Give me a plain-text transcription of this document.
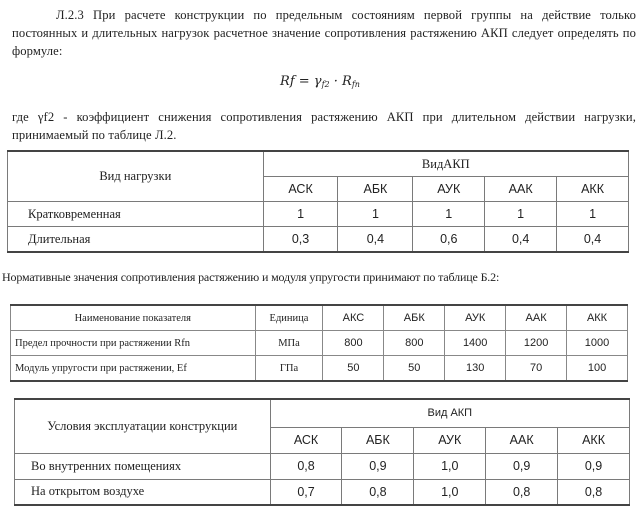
Л.2.3 При расчете конструкции по предельным состояниям первой группы на действие только постоянных и длительных нагрузок расчетное значение сопротивления растяжению АКП следует определять по формуле:
$Rf = \gamma_{f2} \cdot R_{fn}$
где γf2 - коэффициент снижения сопротивления растяжению АКП при длительном действии нагрузки, принимаемый по таблице Л.2.
Вид нагрузки	ВидАКП				
	АСК	АБК	АУК	ААК	АКК
Кратковременная	1	1	1	1	1
Длительная	0,3	0,4	0,6	0,4	0,4
Нормативные значения сопротивления растяжению и модуля упругости принимают по таблице Б.2:
Наименование показателя	Единица	АКС	АБК	АУК	ААК	АКК
Предел прочности при растяжении Rfn	МПа	800	800	1400	1200	1000
Модуль упругости при растяжении, Ef	ГПа	50	50	130	70	100
Условия эксплуатации конструкции	Вид АКП				
	АСК	АБК	АУК	ААК	АКК
Во внутренних помещениях	0,8	0,9	1,0	0,9	0,9
На открытом воздухе	0,7	0,8	1,0	0,8	0,8
